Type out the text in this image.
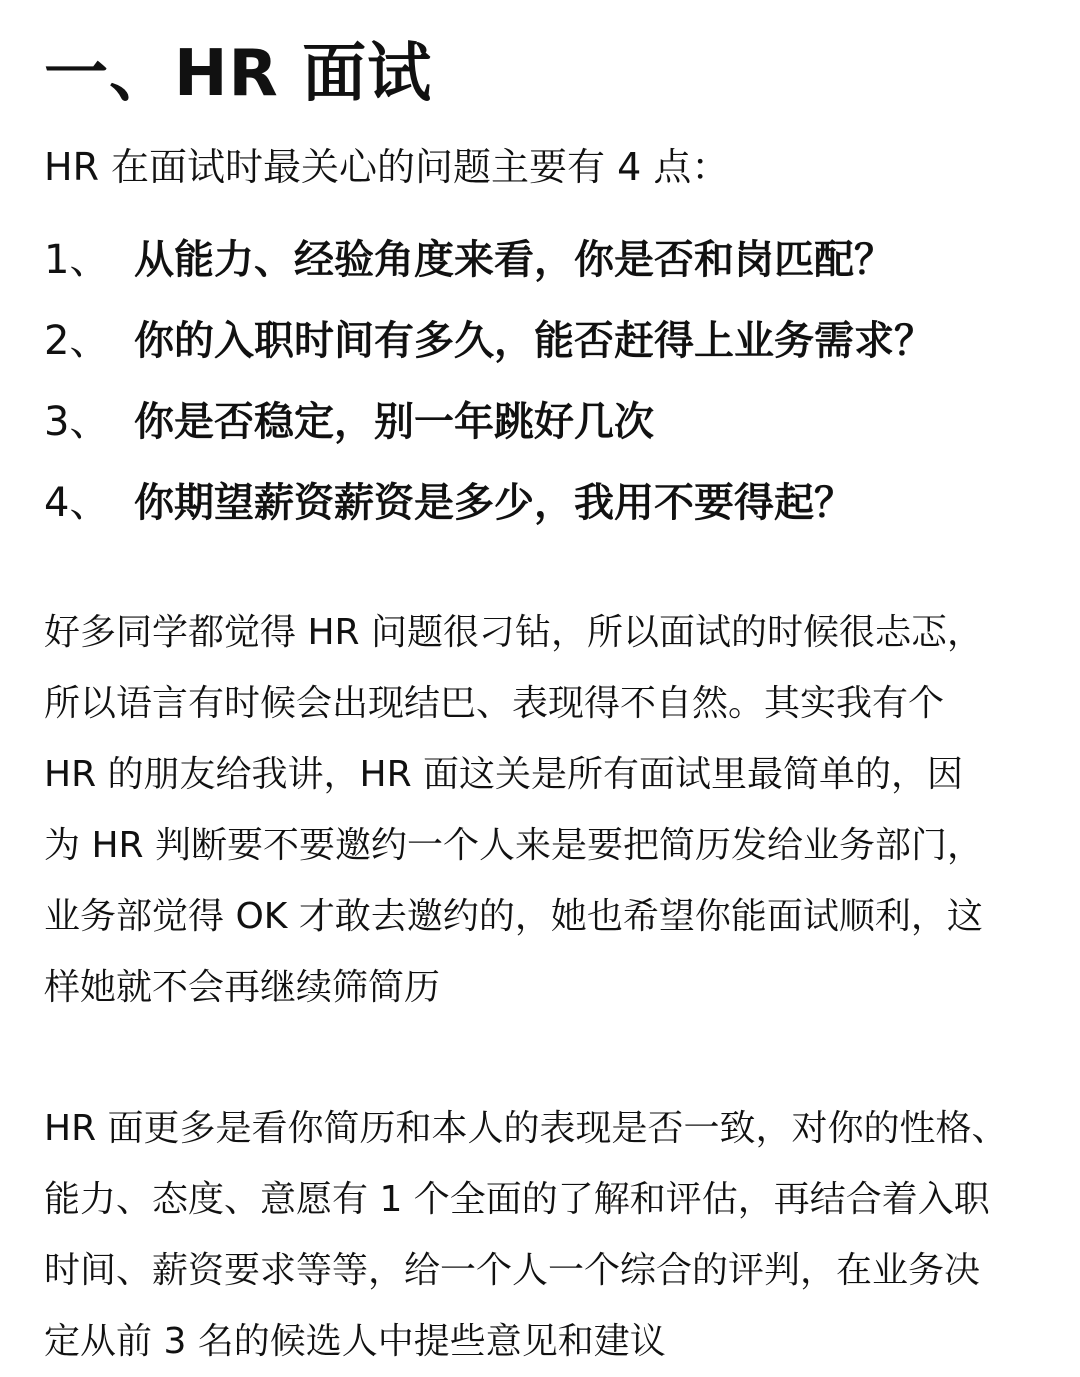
一、HR 面试
HR 在面试时最关心的问题主要有 4 点：
1、 从能力、经验角度来看，你是否和岗匹配？
2、 你的入职时间有多久，能否赶得上业务需求？
3、 你是否稳定，别一年跳好几次
4、 你期望薪资薪资是多少，我用不要得起？
好多同学都觉得 HR 问题很刁钻，所以面试的时候很忐忑，
所以语言有时候会出现结巴、表现得不自然。其实我有个
HR 的朋友给我讲，HR 面这关是所有面试里最简单的，因
为 HR 判断要不要邀约一个人来是要把简历发给业务部门，
业务部觉得 OK 才敢去邀约的，她也希望你能面试顺利，这
样她就不会再继续筛简历
HR 面更多是看你简历和本人的表现是否一致，对你的性格、
能力、态度、意愿有 1 个全面的了解和评估，再结合着入职
时间、薪资要求等等，给一个人一个综合的评判，在业务决
定从前 3 名的候选人中提些意见和建议
